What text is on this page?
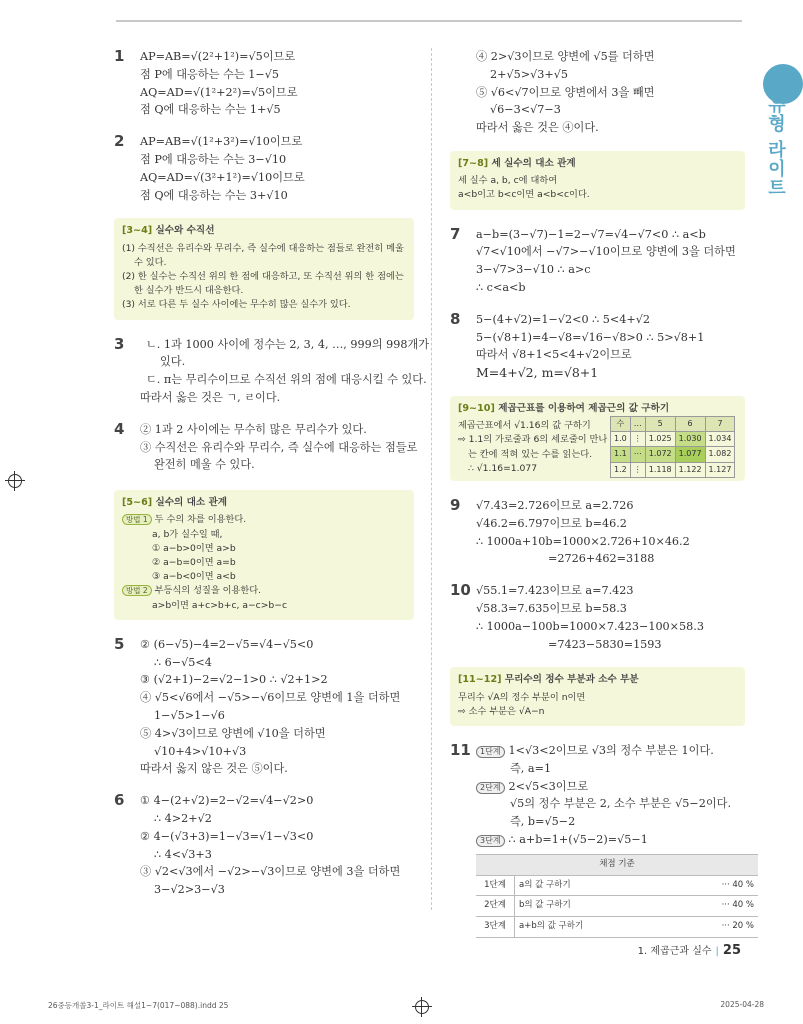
유형 라이트
1 AP=AB=√(2²+1²)=√5이므로
점 P에 대응하는 수는 1−√5
AQ=AD=√(1²+2²)=√5이므로
점 Q에 대응하는 수는 1+√5
2 AP=AB=√(1²+3²)=√10이므로
점 P에 대응하는 수는 3−√10
AQ=AD=√(3²+1²)=√10이므로
점 Q에 대응하는 수는 3+√10
[3~4] 실수와 수직선
(1) 수직선은 유리수와 무리수, 즉 실수에 대응하는 점들로 완전히 메울
수 있다.
(2) 한 실수는 수직선 위의 한 점에 대응하고, 또 수직선 위의 한 점에는
한 실수가 반드시 대응한다.
(3) 서로 다른 두 실수 사이에는 무수히 많은 실수가 있다.
3	ㄴ. 1과 1000 사이에 정수는 2, 3, 4, …, 999의 998개가
있다.
ㄷ. π는 무리수이므로 수직선 위의 점에 대응시킬 수 있다.
따라서 옳은 것은 ㄱ, ㄹ이다.
4 ② 1과 2 사이에는 무수히 많은 무리수가 있다.
③ 수직선은 유리수와 무리수, 즉 실수에 대응하는 점들로
완전히 메울 수 있다.
[5~6] 실수의 대소 관계
방법 1 두 수의 차를 이용한다.
a, b가 실수일 때,
① a−b>0이면 a>b
② a−b=0이면 a=b
③ a−b<0이면 a<b
방법 2 부등식의 성질을 이용한다.
a>b이면 a+c>b+c, a−c>b−c
5 ② (6−√5)−4=2−√5=√4−√5<0
∴ 6−√5<4
③ (√2+1)−2=√2−1>0 ∴ √2+1>2
④ √5<√6에서 −√5>−√6이므로 양변에 1을 더하면
1−√5>1−√6
⑤ 4>√3이므로 양변에 √10을 더하면
√10+4>√10+√3
따라서 옳지 않은 것은 ⑤이다.
6 ① 4−(2+√2)=2−√2=√4−√2>0
∴ 4>2+√2
② 4−(√3+3)=1−√3=√1−√3<0
∴ 4<√3+3
③ √2<√3에서 −√2>−√3이므로 양변에 3을 더하면
3−√2>3−√3
④ 2>√3이므로 양변에 √5를 더하면
2+√5>√3+√5
⑤ √6<√7이므로 양변에서 3을 빼면
√6−3<√7−3
따라서 옳은 것은 ④이다.
[7~8] 세 실수의 대소 관계
세 실수 a, b, c에 대하여
a<b이고 b<c이면 a<b<c이다.
7 a−b=(3−√7)−1=2−√7=√4−√7<0 ∴ a<b
√7<√10에서 −√7>−√10이므로 양변에 3을 더하면
3−√7>3−√10 ∴ a>c
∴ c<a<b
8 5−(4+√2)=1−√2<0 ∴ 5<4+√2
5−(√8+1)=4−√8=√16−√8>0 ∴ 5>√8+1
따라서 √8+1<5<4+√2이므로
M=4+√2, m=√8+1
[9~10] 제곱근표를 이용하여 제곱근의 값 구하기
제곱근표에서 √1.16의 값 구하기
⇨ 1.1의 가로줄과 6의 세로줄이 만나
는 칸에 적혀 있는 수를 읽는다.
∴ √1.16=1.077
수	…	5	6	7
1.0	⋮	1.025	1.030	1.034
1.1	⋯	1.072	1.077	1.082
1.2	⋮	1.118	1.122	1.127
9 √7.43=2.726이므로 a=2.726
√46.2=6.797이므로 b=46.2
∴ 1000a+10b=1000×2.726+10×46.2
=2726+462=3188
10 √55.1=7.423이므로 a=7.423
√58.3=7.635이므로 b=58.3
∴ 1000a−100b=1000×7.423−100×58.3
=7423−5830=1593
[11~12] 무리수의 정수 부분과 소수 부분
무리수 √A의 정수 부분이 n이면
⇨ 소수 부분은 √A−n
11	1단계 1<√3<2이므로 √3의 정수 부분은 1이다.
즉, a=1
2단계 2<√5<3이므로
√5의 정수 부분은 2, 소수 부분은 √5−2이다.
즉, b=√5−2
3단계 ∴ a+b=1+(√5−2)=√5−1
채점 기준		
1단계	a의 값 구하기	··· 40 %
2단계	b의 값 구하기	··· 40 %
3단계	a+b의 값 구하기	··· 20 %
1. 제곱근과 실수 | 25
26중등개쏠3-1_라이트 해설1~7(017~088).indd 25	2025-04-28
